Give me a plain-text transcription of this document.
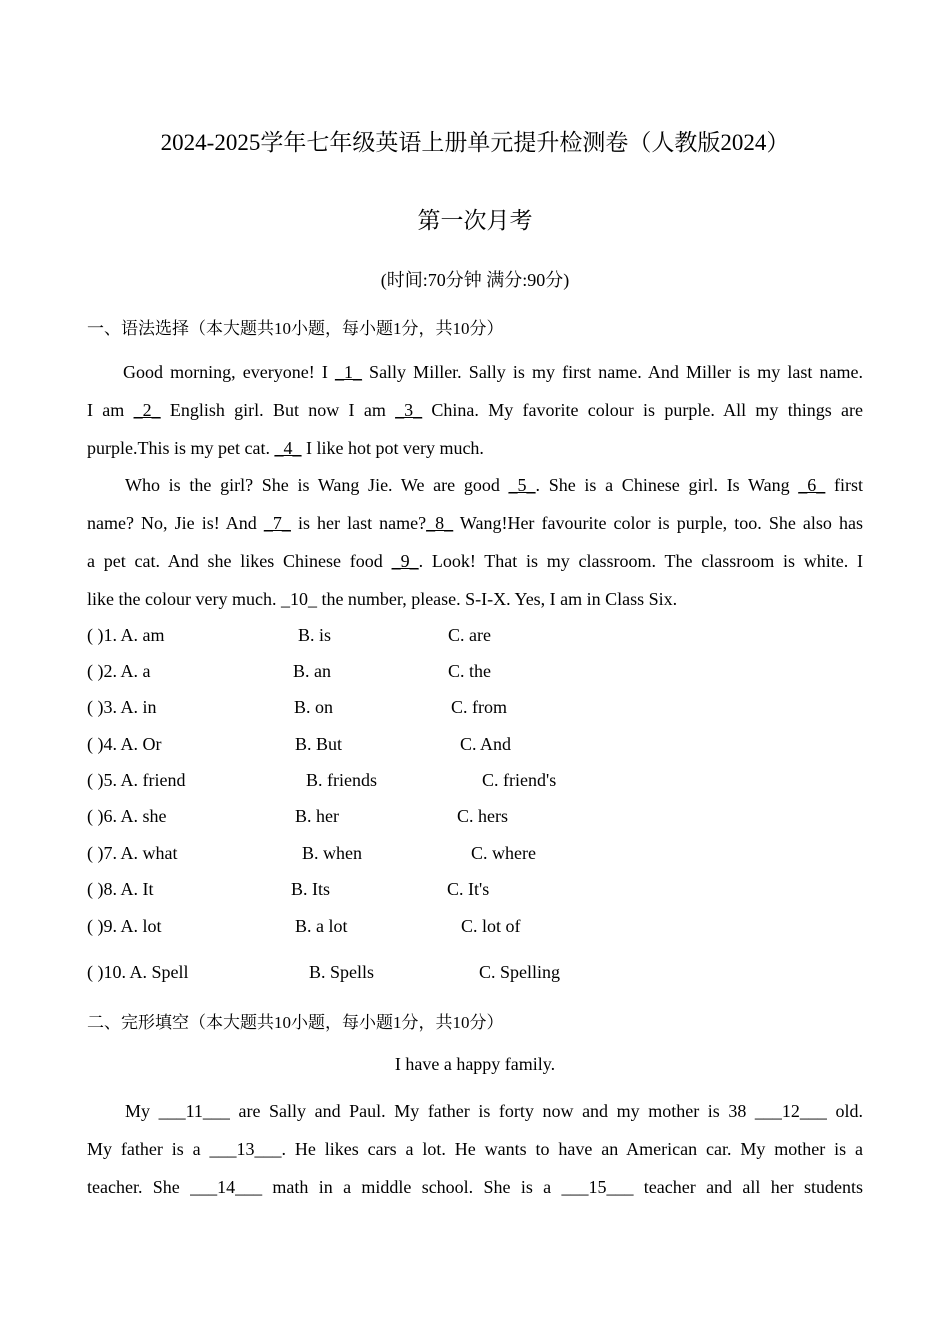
2024-2025学年七年级英语上册单元提升检测卷（人教版2024）
第一次月考
(时间:70分钟 满分:90分)
一、语法选择（本大题共10小题，每小题1分，共10分）
Good morning, everyone! I _1_ Sally Miller. Sally is my first name. And Miller is my last name.
I am _2_ English girl. But now I am _3_ China. My favorite colour is purple. All my things are
purple.This is my pet cat. _4_ I like hot pot very much.
Who is the girl? She is Wang Jie. We are good _5_. She is a Chinese girl. Is Wang _6_ first
name? No, Jie is! And _7_ is her last name?_8_ Wang!Her favourite color is purple, too. She also has
a pet cat. And she likes Chinese food _9_. Look! That is my classroom. The classroom is white. I
like the colour very much. _10_ the number, please. S-I-X. Yes, I am in Class Six.
( )1. A. am	B. is	C. are
( )2. A. a	B. an	C. the
( )3. A. in	B. on	C. from
( )4. A. Or	B. But	C. And
( )5. A. friend	B. friends	C. friend's
( )6. A. she	B. her	C. hers
( )7. A. what	B. when	C. where
( )8. A. It	B. Its	C. It's
( )9. A. lot	B. a lot	C. lot of
( )10. A. Spell	B. Spells	C. Spelling
二、完形填空（本大题共10小题，每小题1分，共10分）
I have a happy family.
My ___11___ are Sally and Paul. My father is forty now and my mother is 38 ___12___ old.
My father is a ___13___. He likes cars a lot. He wants to have an American car. My mother is a
teacher. She ___14___ math in a middle school. She is a ___15___ teacher and all her students
